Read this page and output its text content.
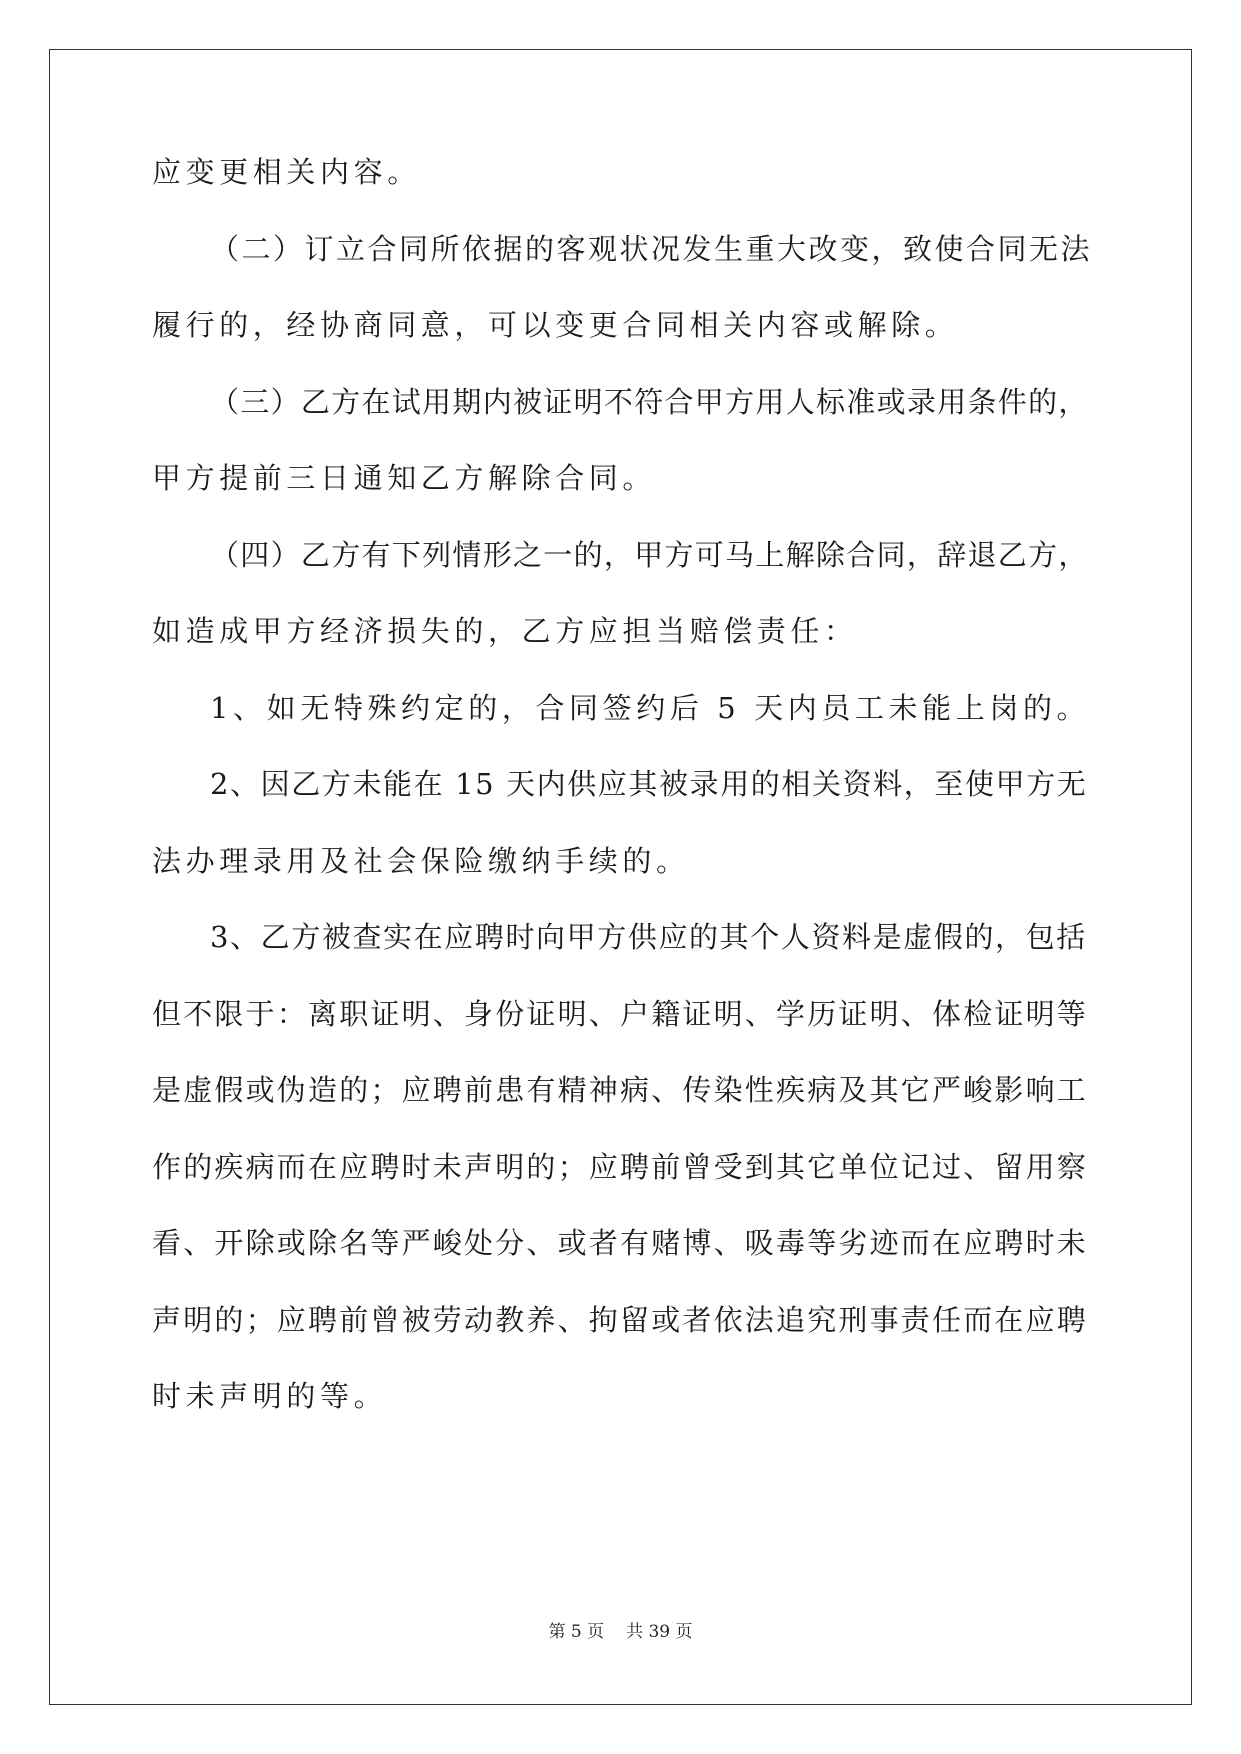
应变更相关内容。
（二）订立合同所依据的客观状况发生重大改变，致使合同无法
履行的，经协商同意，可以变更合同相关内容或解除。
（三）乙方在试用期内被证明不符合甲方用人标准或录用条件的，
甲方提前三日通知乙方解除合同。
（四）乙方有下列情形之一的，甲方可马上解除合同，辞退乙方，
如造成甲方经济损失的，乙方应担当赔偿责任：
1、如无特殊约定的，合同签约后 5 天内员工未能上岗的。
2、因乙方未能在 15 天内供应其被录用的相关资料，至使甲方无
法办理录用及社会保险缴纳手续的。
3、乙方被查实在应聘时向甲方供应的其个人资料是虚假的，包括
但不限于：离职证明、身份证明、户籍证明、学历证明、体检证明等
是虚假或伪造的；应聘前患有精神病、传染性疾病及其它严峻影响工
作的疾病而在应聘时未声明的；应聘前曾受到其它单位记过、留用察
看、开除或除名等严峻处分、或者有赌博、吸毒等劣迹而在应聘时未
声明的；应聘前曾被劳动教养、拘留或者依法追究刑事责任而在应聘
时未声明的等。
第 5 页 共 39 页
